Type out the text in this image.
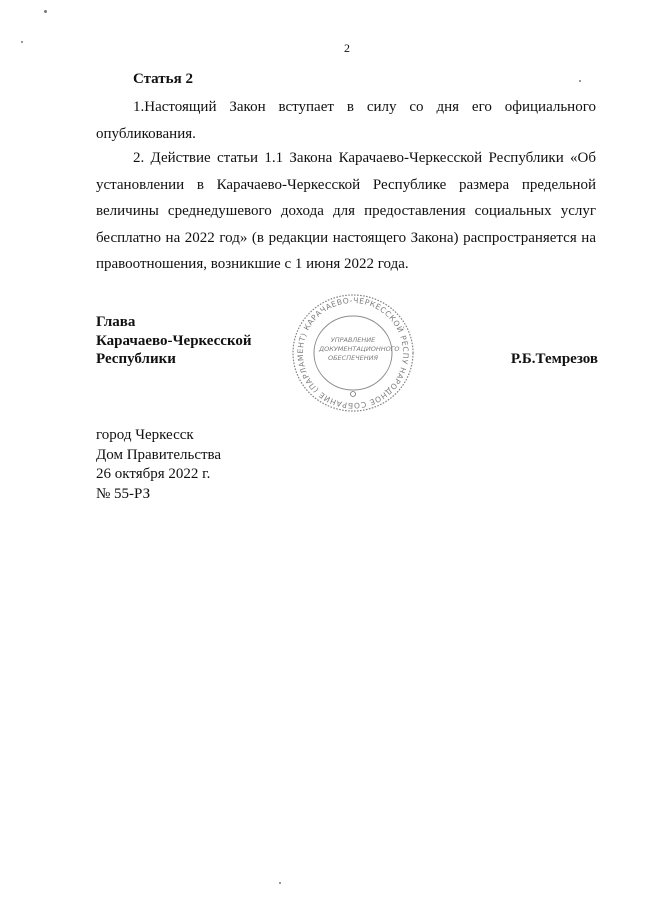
2
Статья 2

1.Настоящий Закон вступает в силу со дня его официального опубликования.

2. Действие статьи 1.1 Закона Карачаево-Черкесской Республики «Об установлении в Карачаево-Черкесской Республике размера предельной величины среднедушевого дохода для предоставления социальных услуг бесплатно на 2022 год» (в редакции настоящего Закона) распространяется на правоотношения, возникшие с 1 июня 2022 года.

Глава
Карачаево-Черкесской
Республики
НАРОДНОЕ СОБРАНИЕ (ПАРЛАМЕНТ) КАРАЧАЕВО-ЧЕРКЕССКОЙ РЕСПУБЛИКИ
УПРАВЛЕНИЕ ДОКУМЕНТАЦИОННОГО ОБЕСПЕЧЕНИЯ	Р.Б.Темрезов
город Черкесск
Дом Правительства
26 октября 2022 г.
№ 55-РЗ
